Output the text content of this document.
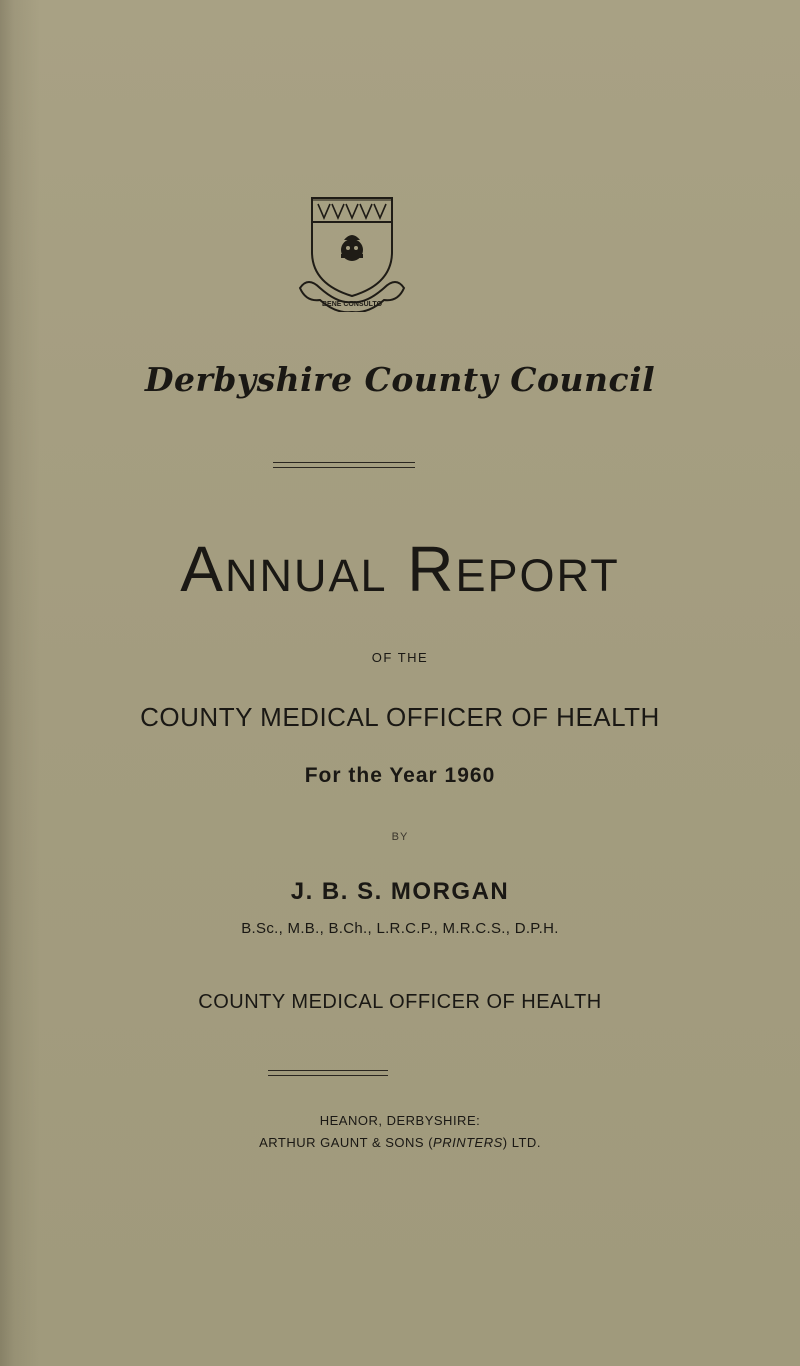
BENE CONSULTO
Derbyshire County Council
Annual Report
OF THE
COUNTY MEDICAL OFFICER OF HEALTH
For the Year 1960
BY
J. B. S. MORGAN
B.Sc., M.B., B.Ch., L.R.C.P., M.R.C.S., D.P.H.
COUNTY MEDICAL OFFICER OF HEALTH
HEANOR, DERBYSHIRE:
ARTHUR GAUNT & SONS (PRINTERS) LTD.
